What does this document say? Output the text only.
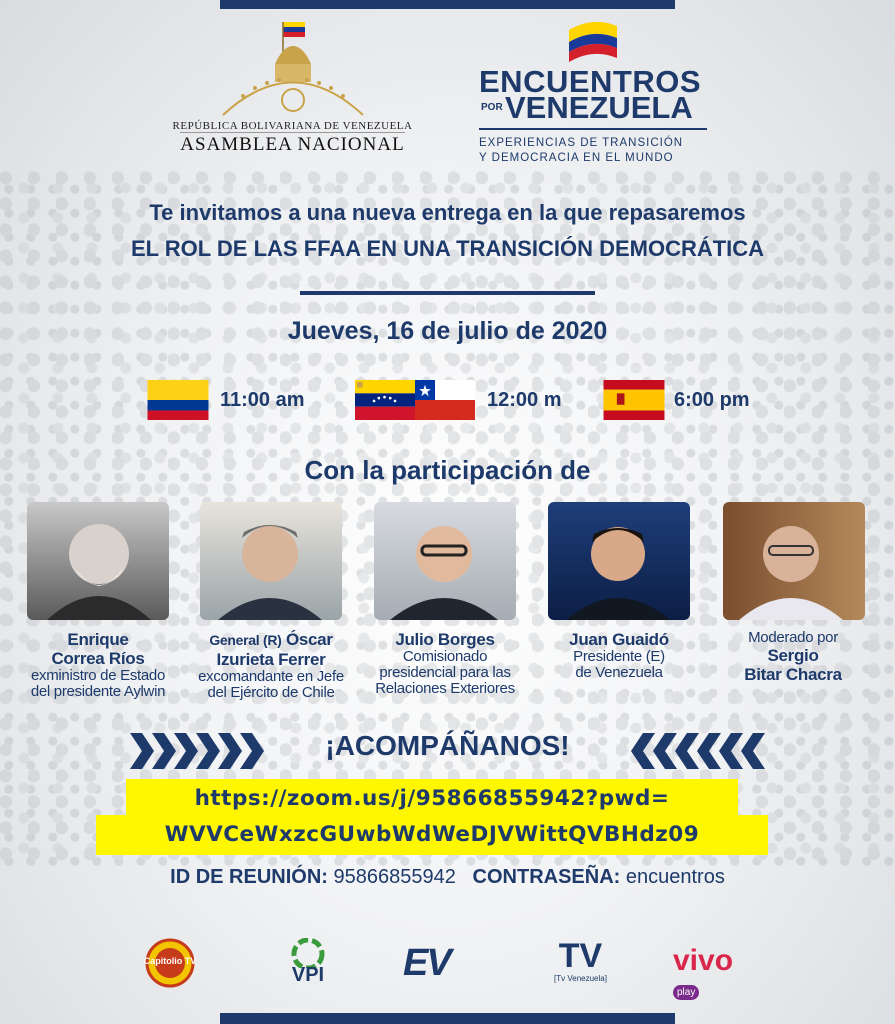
REPÚBLICA BOLIVARIANA DE VENEZUELA
ASAMBLEA NACIONAL
ENCUENTROS
POR VENEZUELA
EXPERIENCIAS DE TRANSICIÓN
Y DEMOCRACIA EN EL MUNDO
Te invitamos a una nueva entrega en la que repasaremos
EL ROL DE LAS FFAA EN UNA TRANSICIÓN DEMOCRÁTICA
Jueves, 16 de julio de 2020
11:00 am	12:00 m	6:00 pm
Con la participación de
Enrique
Correa Ríos
exministro de Estado
del presidente Aylwin
General (R) Óscar
Izurieta Ferrer
excomandante en Jefe
del Ejército de Chile
Julio Borges
Comisionado
presidencial para las
Relaciones Exteriores
Juan Guaidó
Presidente (E)
de Venezuela
Moderado por
Sergio
Bitar Chacra
¡ACOMPÁÑANOS!
https://zoom.us/j/95866855942?pwd=
WVVCeWxzcGUwbWdWeDJVWittQVBHdz09
ID DE REUNIÓN: 95866855942 CONTRASEÑA: encuentros
Capitolio TV
VPI	EV	TV
[Tv Venezuela]
vivo play
